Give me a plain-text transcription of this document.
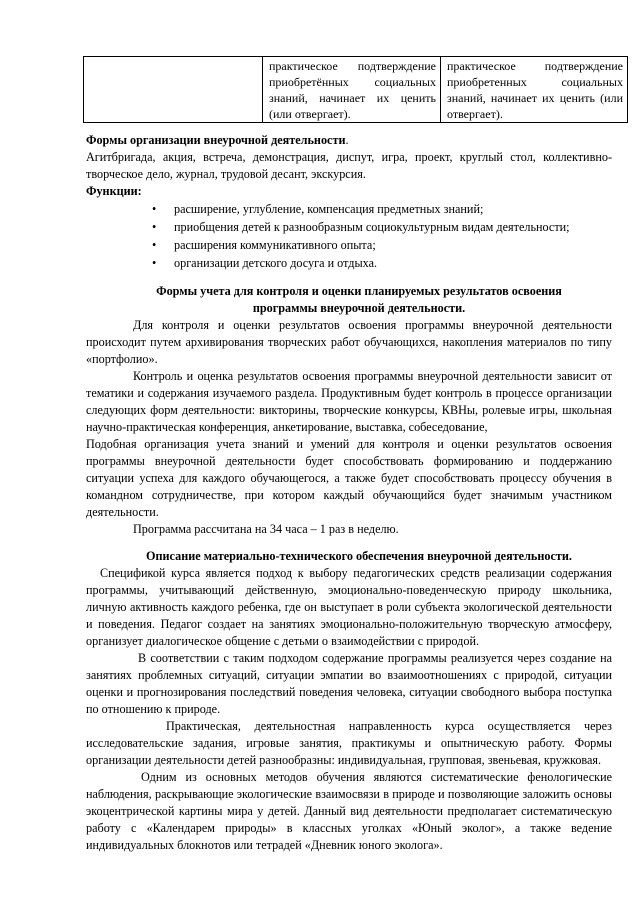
	практическое подтверждение приобретённых социальных знаний, начинает их ценить (или отвергает).	практическое подтверждение приобретенных социальных знаний, начинает их ценить (или отвергает).
Формы организации внеурочной деятельности.

Агитбригада, акция, встреча, демонстрация, диспут, игра, проект, круглый стол, коллективно-творческое дело, журнал, трудовой десант, экскурсия.

Функции:
• расширение, углубление, компенсация предметных знаний;
• приобщения детей к разнообразным социокультурным видам деятельности;
• расширения коммуникативного опыта;
• организации детского досуга и отдыха.
Формы учета для контроля и оценки планируемых результатов освоения
программы внеурочной деятельности.

Для контроля и оценки результатов освоения программы внеурочной деятельности происходит путем архивирования творческих работ обучающихся, накопления материалов по типу «портфолио».

Контроль и оценка результатов освоения программы внеурочной деятельности зависит от тематики и содержания изучаемого раздела. Продуктивным будет контроль в процессе организации следующих форм деятельности: викторины, творческие конкурсы, КВНы, ролевые игры, школьная научно-практическая конференция, анкетирование, выставка, собеседование,

Подобная организация учета знаний и умений для контроля и оценки результатов освоения программы внеурочной деятельности будет способствовать формированию и поддержанию ситуации успеха для каждого обучающегося, а также будет способствовать процессу обучения в командном сотрудничестве, при котором каждый обучающийся будет значимым участником деятельности.

Программа рассчитана на 34 часа – 1 раз в неделю.

Описание материально-технического обеспечения внеурочной деятельности.

Спецификой курса является подход к выбору педагогических средств реализации содержания программы, учитывающий действенную, эмоционально-поведенческую природу школьника, личную активность каждого ребенка, где он выступает в роли субъекта экологической деятельности и поведения. Педагог создает на занятиях эмоционально-положительную творческую атмосферу, организует диалогическое общение с детьми о взаимодействии с природой.

В соответствии с таким подходом содержание программы реализуется через создание на занятиях проблемных ситуаций, ситуации эмпатии во взаимоотношениях с природой, ситуации оценки и прогнозирования последствий поведения человека, ситуации свободного выбора поступка по отношению к природе.

Практическая, деятельностная направленность курса осуществляется через исследовательские задания, игровые занятия, практикумы и опытническую работу. Формы организации деятельности детей разнообразны: индивидуальная, групповая, звеньевая, кружковая.

Одним из основных методов обучения являются систематические фенологические наблюдения, раскрывающие экологические взаимосвязи в природе и позволяющие заложить основы экоцентрической картины мира у детей. Данный вид деятельности предполагает систематическую работу с «Календарем природы» в классных уголках «Юный эколог», а также ведение индивидуальных блокнотов или тетрадей «Дневник юного эколога».
